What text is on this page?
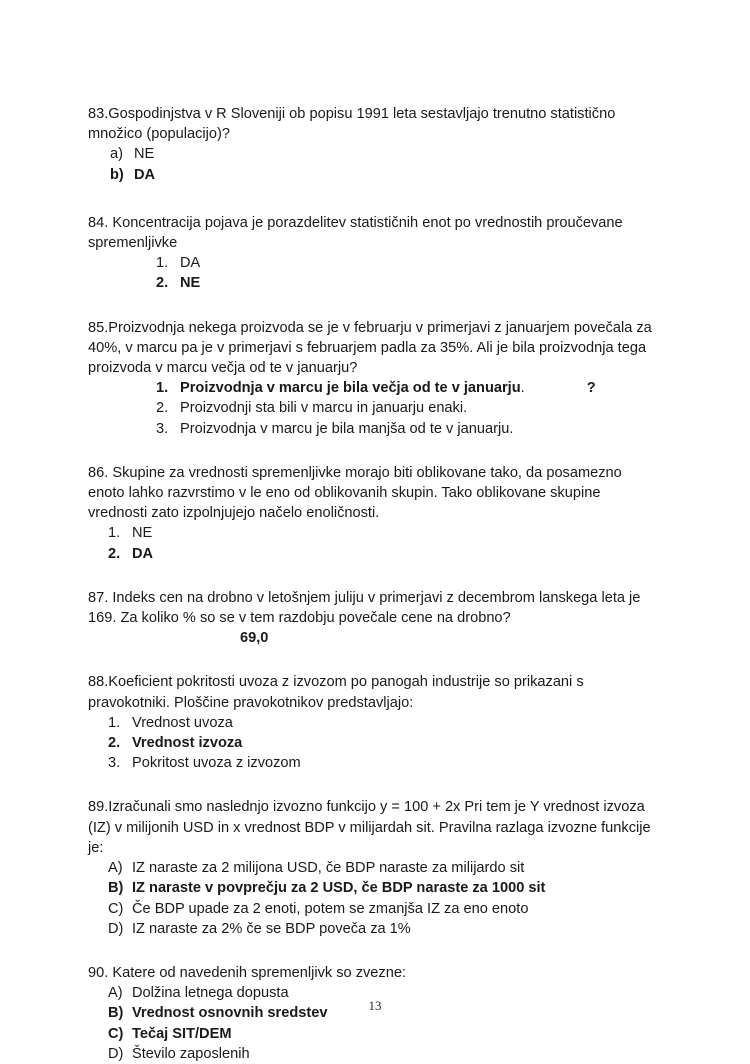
83.Gospodinjstva v R Sloveniji ob popisu 1991 leta sestavljajo trenutno statistično množico (populacijo)?

a) NE
b) DA

84. Koncentracija pojava je porazdelitev statističnih enot po vrednostih proučevane spremenljivke

1. DA
2. NE

85.Proizvodnja nekega proizvoda se je v februarju v primerjavi z januarjem povečala za 40%, v marcu pa je v primerjavi s februarjem padla za 35%. Ali je bila proizvodnja tega proizvoda v marcu večja od te v januarju?

1. Proizvodnja v marcu je bila večja od te v januarju .	?
2. Proizvodnji sta bili v marcu in januarju enaki.
3. Proizvodnja v marcu je bila manjša od te v januarju.

86. Skupine za vrednosti spremenljivke morajo biti oblikovane tako, da posamezno enoto lahko razvrstimo v le eno od oblikovanih skupin. Tako oblikovane skupine vrednosti zato izpolnjujejo načelo enoličnosti.

1. NE
2. DA

87. Indeks cen na drobno v letošnjem juliju v primerjavi z decembrom lanskega leta je 169. Za koliko % so se v tem razdobju povečale cene na drobno?

69,0

88.Koeficient pokritosti uvoza z izvozom po panogah industrije so prikazani s pravokotniki. Ploščine pravokotnikov predstavljajo:

1. Vrednost uvoza
2. Vrednost izvoza
3. Pokritost uvoza z izvozom

89.Izračunali smo naslednjo izvozno funkcijo y = 100 + 2x Pri tem je Y vrednost izvoza (IZ) v milijonih USD in x vrednost BDP v milijardah sit. Pravilna razlaga izvozne funkcije je:

A) IZ naraste za 2 milijona USD, če BDP naraste za milijardo sit
B) IZ naraste v povprečju za 2 USD, če BDP naraste za 1000 sit
C) Če BDP upade za 2 enoti, potem se zmanjša IZ za eno enoto
D) IZ naraste za 2% če se BDP poveča za 1%

90. Katere od navedenih spremenljivk so zvezne:

A) Dolžina letnega dopusta
B) Vrednost osnovnih sredstev
C) Tečaj SIT/DEM
D) Število zaposlenih
13
